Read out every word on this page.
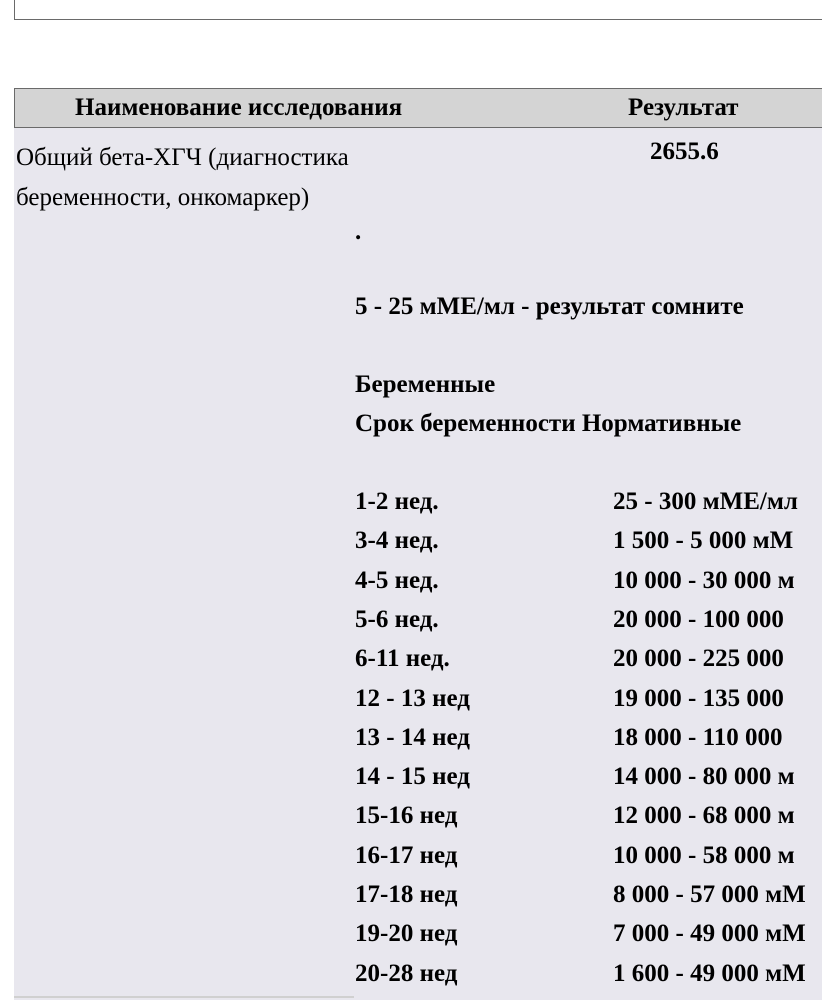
Наименование исследования	Результат
Общий бета-ХГЧ (диагностика
беременности, онкомаркер)
2655.6
.
5 - 25 мМЕ/мл - результат сомните
Беременные
Срок беременности Нормативные
1-2 нед.	25 - 300 мМЕ/мл
3-4 нед.	1 500 - 5 000 мМ
4-5 нед.	10 000 - 30 000 м
5-6 нед.	20 000 - 100 000
6-11 нед.	20 000 - 225 000
12 - 13 нед	19 000 - 135 000
13 - 14 нед	18 000 - 110 000
14 - 15 нед	14 000 - 80 000 м
15-16 нед	12 000 - 68 000 м
16-17 нед	10 000 - 58 000 м
17-18 нед	8 000 - 57 000 мМ
19-20 нед	7 000 - 49 000 мМ
20-28 нед	1 600 - 49 000 мМ
